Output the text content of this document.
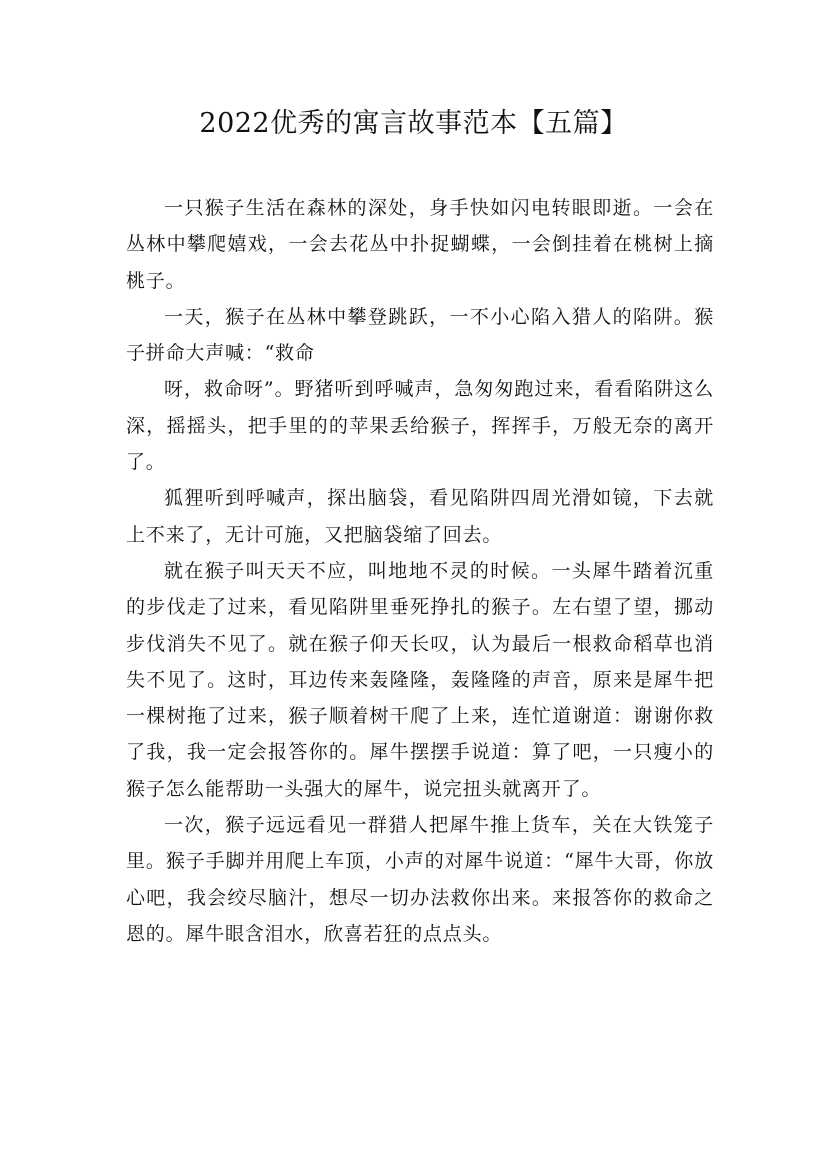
2022优秀的寓言故事范本【五篇】

一只猴子生活在森林的深处，身手快如闪电转眼即逝。一会在丛林中攀爬嬉戏，一会去花丛中扑捉蝴蝶，一会倒挂着在桃树上摘桃子。

一天，猴子在丛林中攀登跳跃，一不小心陷入猎人的陷阱。猴子拼命大声喊：“救命

呀，救命呀”。野猪听到呼喊声，急匆匆跑过来，看看陷阱这么深，摇摇头，把手里的的苹果丢给猴子，挥挥手，万般无奈的离开了。

狐狸听到呼喊声，探出脑袋，看见陷阱四周光滑如镜，下去就上不来了，无计可施，又把脑袋缩了回去。

就在猴子叫天天不应，叫地地不灵的时候。一头犀牛踏着沉重的步伐走了过来，看见陷阱里垂死挣扎的猴子。左右望了望，挪动步伐消失不见了。就在猴子仰天长叹，认为最后一根救命稻草也消失不见了。这时，耳边传来轰隆隆，轰隆隆的声音，原来是犀牛把一棵树拖了过来，猴子顺着树干爬了上来，连忙道谢道：谢谢你救了我，我一定会报答你的。犀牛摆摆手说道：算了吧，一只瘦小的猴子怎么能帮助一头强大的犀牛，说完扭头就离开了。

一次，猴子远远看见一群猎人把犀牛推上货车，关在大铁笼子里。猴子手脚并用爬上车顶，小声的对犀牛说道：“犀牛大哥，你放心吧，我会绞尽脑汁，想尽一切办法救你出来。来报答你的救命之恩的。犀牛眼含泪水，欣喜若狂的点点头。
